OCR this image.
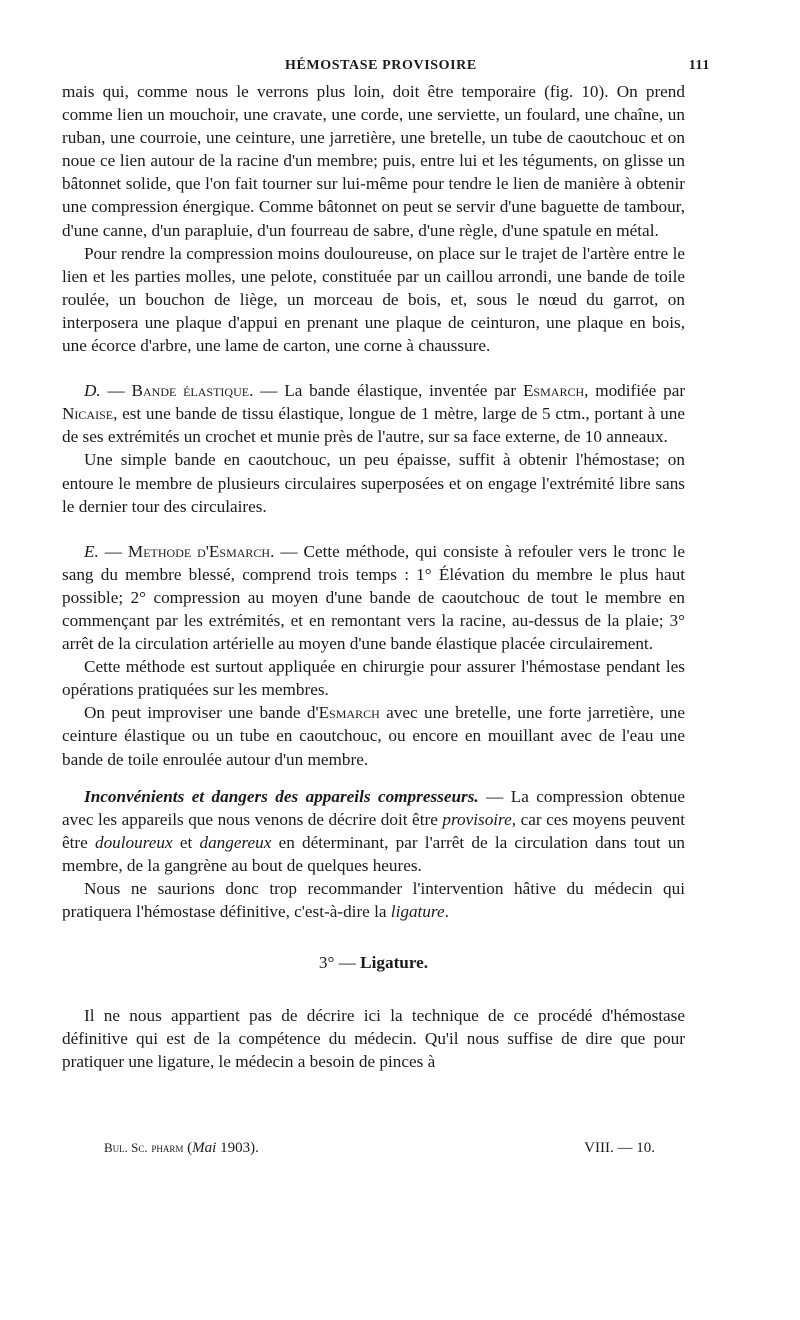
HÉMOSTASE PROVISOIRE	111

mais qui, comme nous le verrons plus loin, doit être temporaire (fig. 10). On prend comme lien un mouchoir, une cravate, une corde, une serviette, un foulard, une chaîne, un ruban, une courroie, une ceinture, une jarretière, une bretelle, un tube de caoutchouc et on noue ce lien autour de la racine d'un membre; puis, entre lui et les téguments, on glisse un bâtonnet solide, que l'on fait tourner sur lui-même pour tendre le lien de manière à obtenir une compression énergique. Comme bâtonnet on peut se servir d'une baguette de tambour, d'une canne, d'un parapluie, d'un fourreau de sabre, d'une règle, d'une spatule en métal.

Pour rendre la compression moins douloureuse, on place sur le trajet de l'artère entre le lien et les parties molles, une pelote, constituée par un caillou arrondi, une bande de toile roulée, un bouchon de liège, un morceau de bois, et, sous le nœud du garrot, on interposera une plaque d'appui en prenant une plaque de ceinturon, une plaque en bois, une écorce d'arbre, une lame de carton, une corne à chaussure.

D. — Bande élastique. — La bande élastique, inventée par Esmarch, modifiée par Nicaise, est une bande de tissu élastique, longue de 1 mètre, large de 5 ctm., portant à une de ses extrémités un crochet et munie près de l'autre, sur sa face externe, de 10 anneaux.

Une simple bande en caoutchouc, un peu épaisse, suffit à obtenir l'hémostase; on entoure le membre de plusieurs circulaires superposées et on engage l'extrémité libre sans le dernier tour des circulaires.

E. — Methode d'Esmarch. — Cette méthode, qui consiste à refouler vers le tronc le sang du membre blessé, comprend trois temps : 1° Élévation du membre le plus haut possible; 2° compression au moyen d'une bande de caoutchouc de tout le membre en commençant par les extrémités, et en remontant vers la racine, au-dessus de la plaie; 3° arrêt de la circulation artérielle au moyen d'une bande élastique placée circulairement.

Cette méthode est surtout appliquée en chirurgie pour assurer l'hémostase pendant les opérations pratiquées sur les membres.

On peut improviser une bande d'Esmarch avec une bretelle, une forte jarretière, une ceinture élastique ou un tube en caoutchouc, ou encore en mouillant avec de l'eau une bande de toile enroulée autour d'un membre.

Inconvénients et dangers des appareils compresseurs. — La compression obtenue avec les appareils que nous venons de décrire doit être provisoire, car ces moyens peuvent être douloureux et dangereux en déterminant, par l'arrêt de la circulation dans tout un membre, de la gangrène au bout de quelques heures.

Nous ne saurions donc trop recommander l'intervention hâtive du médecin qui pratiquera l'hémostase définitive, c'est-à-dire la ligature.

3° — Ligature.

Il ne nous appartient pas de décrire ici la technique de ce procédé d'hémostase définitive qui est de la compétence du médecin. Qu'il nous suffise de dire que pour pratiquer une ligature, le médecin a besoin de pinces à

Bul. Sc. pharm (Mai 1903).	VIII. — 10.
